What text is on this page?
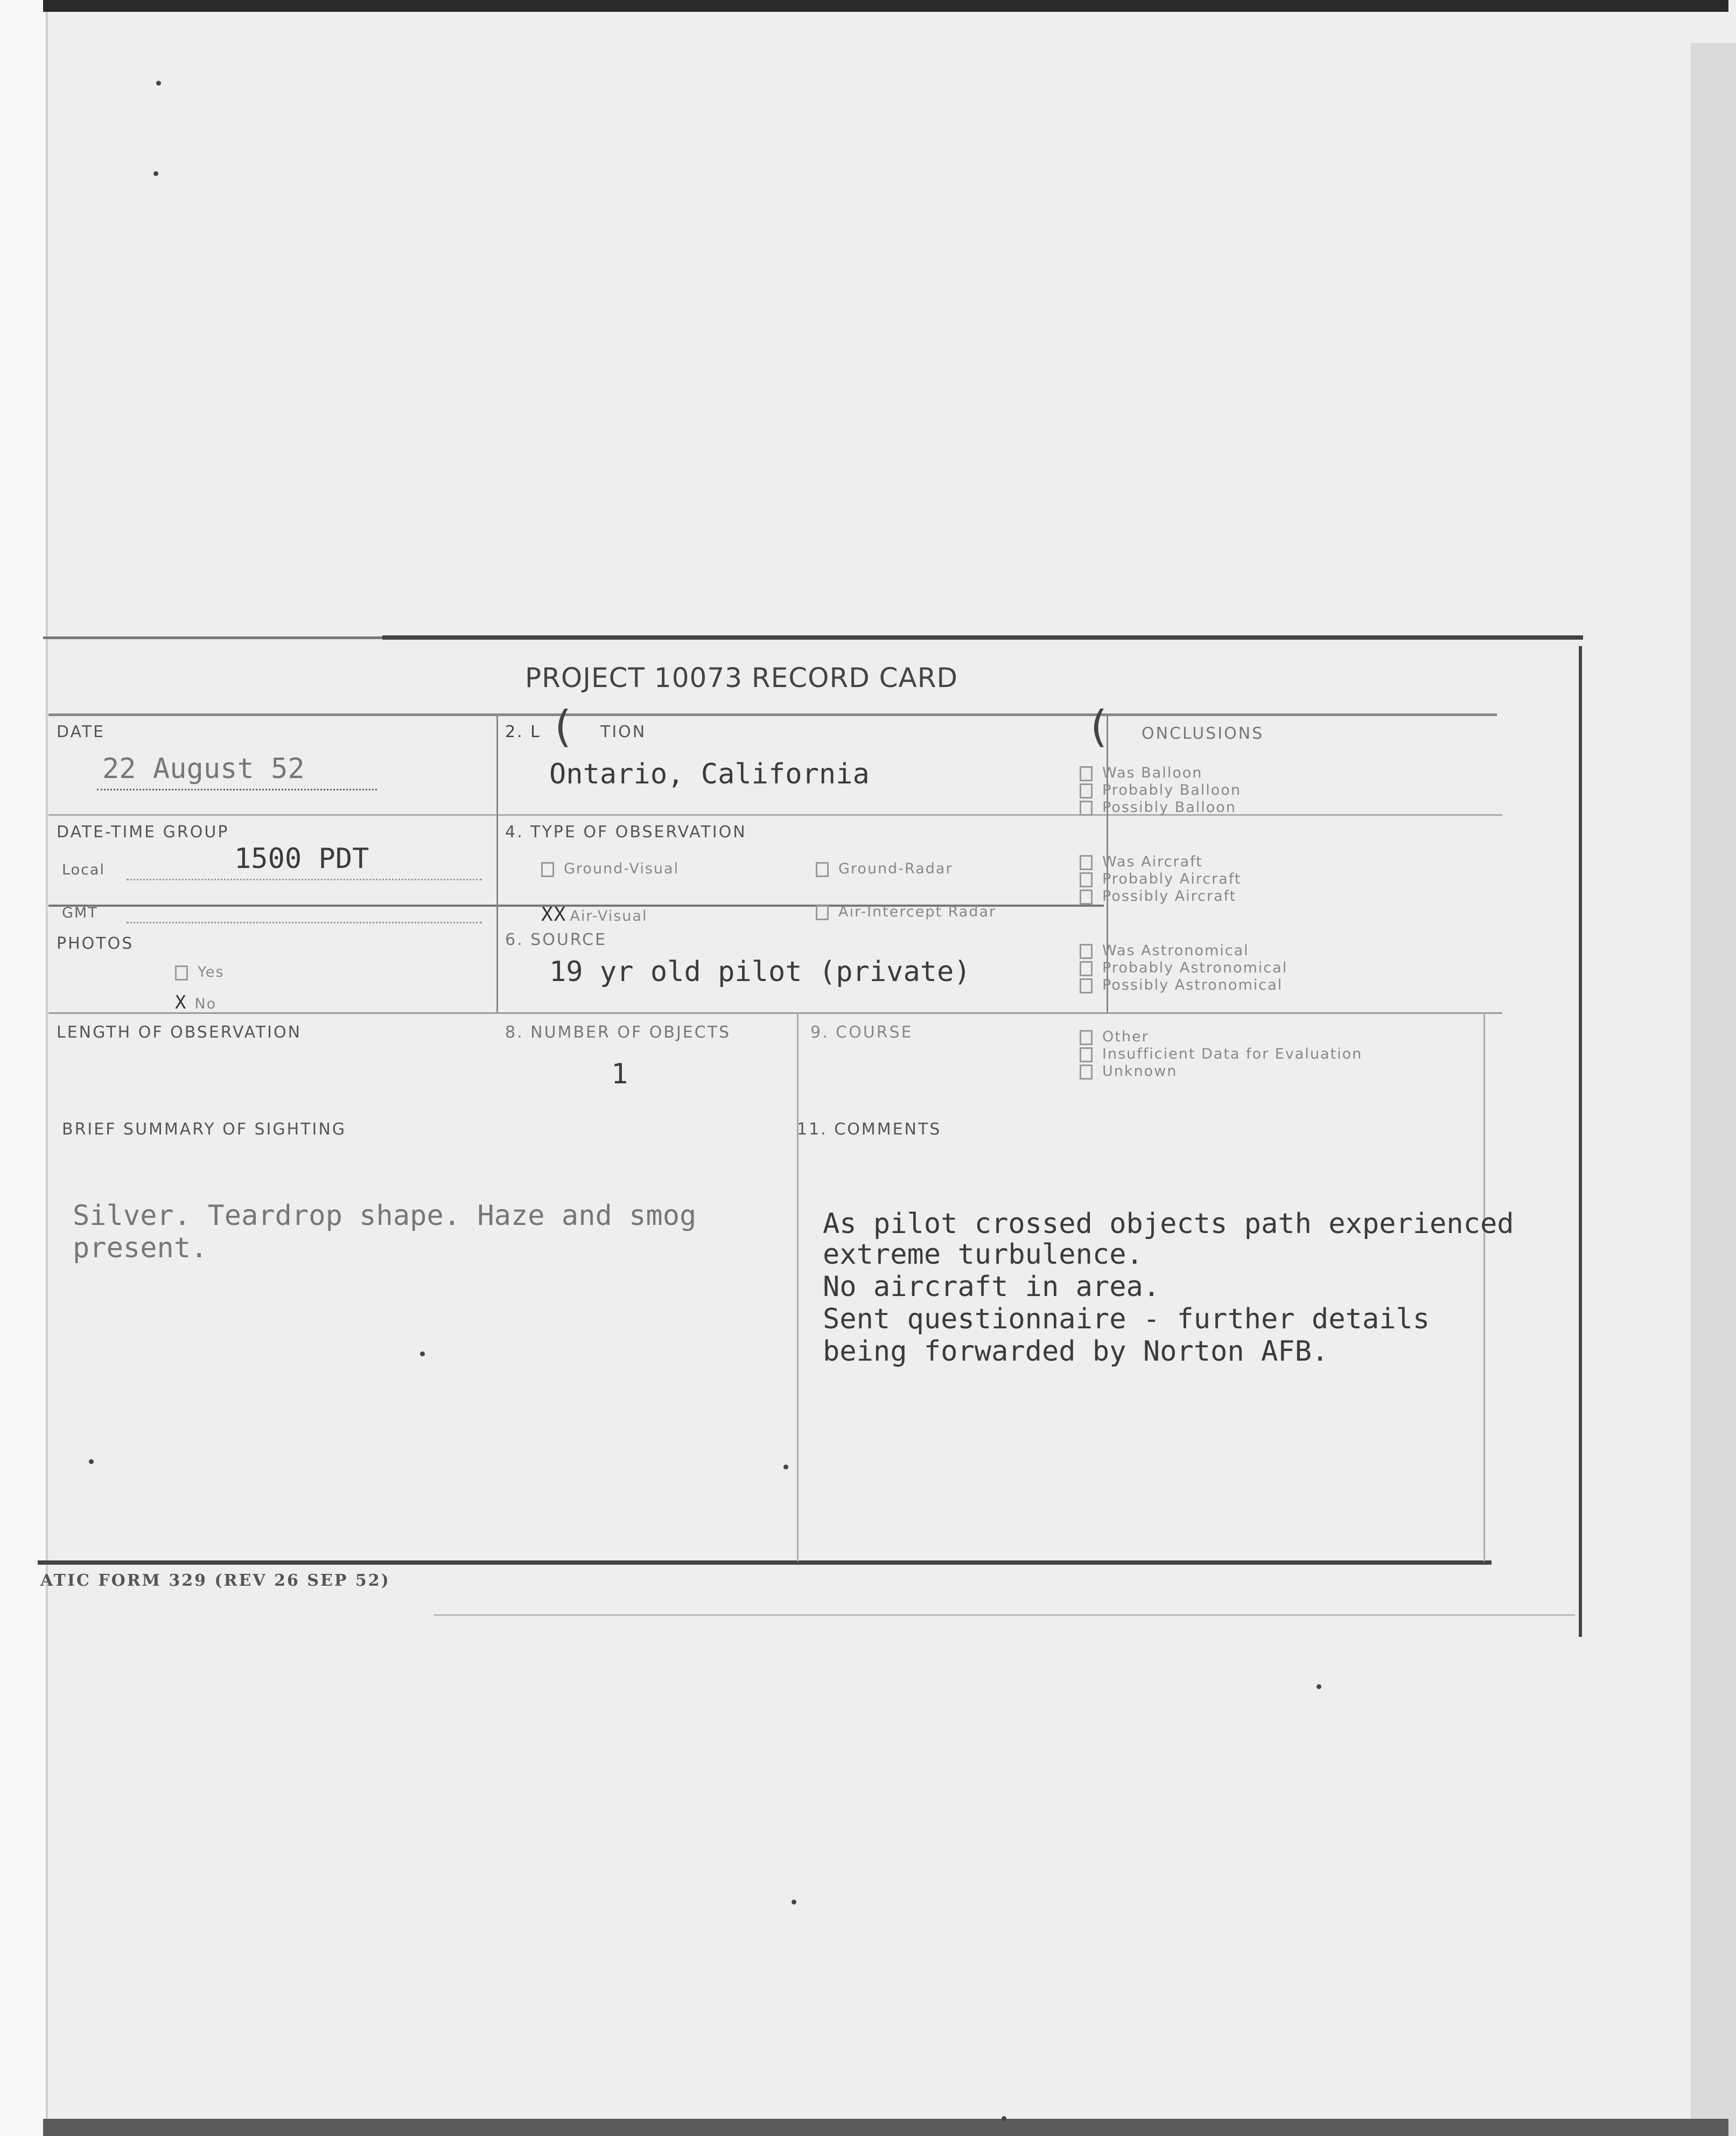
PROJECT 10073 RECORD CARD
DATE
22 August 52
2. L ( TION
Ontario, California
( ONCLUSIONS
Was Balloon
Probably Balloon
Possibly Balloon
Was Aircraft
Probably Aircraft
Possibly Aircraft
Was Astronomical
Probably Astronomical
Possibly Astronomical
Other
Insufficient Data for Evaluation
Unknown
DATE-TIME GROUP
Local	1500 PDT
GMT
4. TYPE OF OBSERVATION
Ground-Visual	Ground-Radar
XX Air-Visual	Air-Intercept Radar
PHOTOS
Yes
X No
6. SOURCE
19 yr old pilot (private)
LENGTH OF OBSERVATION	8. NUMBER OF OBJECTS
1
9. COURSE
BRIEF SUMMARY OF SIGHTING
Silver. Teardrop shape. Haze and smog
present.
11. COMMENTS
As pilot crossed objects path experienced
extreme turbulence.
No aircraft in area.
Sent questionnaire - further details
being forwarded by Norton AFB.
ATIC FORM 329 (REV 26 SEP 52)
